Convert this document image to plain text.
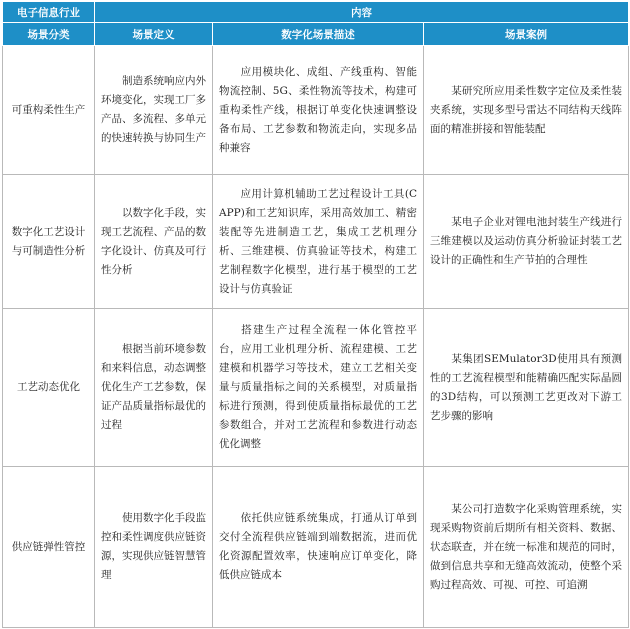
电子信息行业	内容		
场景分类	场景定义	数字化场景描述	场景案例

可重构柔性生产	制造系统响应内外环境变化，实现工厂多产品、多流程、多单元的快速转换与协同生产	应用模块化、成组、产线重构、智能物流控制、5G、柔性物流等技术，构建可重构柔性产线，根据订单变化快速调整设备布局、工艺参数和物流走向，实现多品种兼容	某研究所应用柔性数字定位及柔性装夹系统，实现多型号雷达不同结构天线阵面的精准拼接和智能装配

数字化工艺设计与可制造性分析	以数字化手段，实现工艺流程、产品的数字化设计、仿真及可行性分析	应用计算机辅助工艺过程设计工具(CAPP)和工艺知识库，采用高效加工、精密装配等先进制造工艺，集成工艺机理分析、三维建模、仿真验证等技术，构建工艺制程数字化模型，进行基于模型的工艺设计与仿真验证	某电子企业对锂电池封装生产线进行三维建模以及运动仿真分析验证封装工艺设计的正确性和生产节拍的合理性

工艺动态优化	根据当前环境参数和来料信息，动态调整优化生产工艺参数，保证产品质量指标最优的过程	搭建生产过程全流程一体化管控平台，应用工业机理分析、流程建模、工艺建模和机器学习等技术，建立工艺相关变量与质量指标之间的关系模型，对质量指标进行预测，得到使质量指标最优的工艺参数组合，并对工艺流程和参数进行动态优化调整	某集团SEMulator3D使用具有预测性的工艺流程模型和能精确匹配实际晶圆的3D结构，可以预测工艺更改对下游工艺步骤的影响

供应链弹性管控	使用数字化手段监控和柔性调度供应链资源，实现供应链智慧管理	依托供应链系统集成，打通从订单到交付全流程供应链端到端数据流，进而优化资源配置效率，快速响应订单变化，降低供应链成本	某公司打造数字化采购管理系统，实现采购物资前后期所有相关资料、数据、状态联查，并在统一标准和规范的同时，做到信息共享和无缝高效流动，使整个采购过程高效、可视、可控、可追溯
